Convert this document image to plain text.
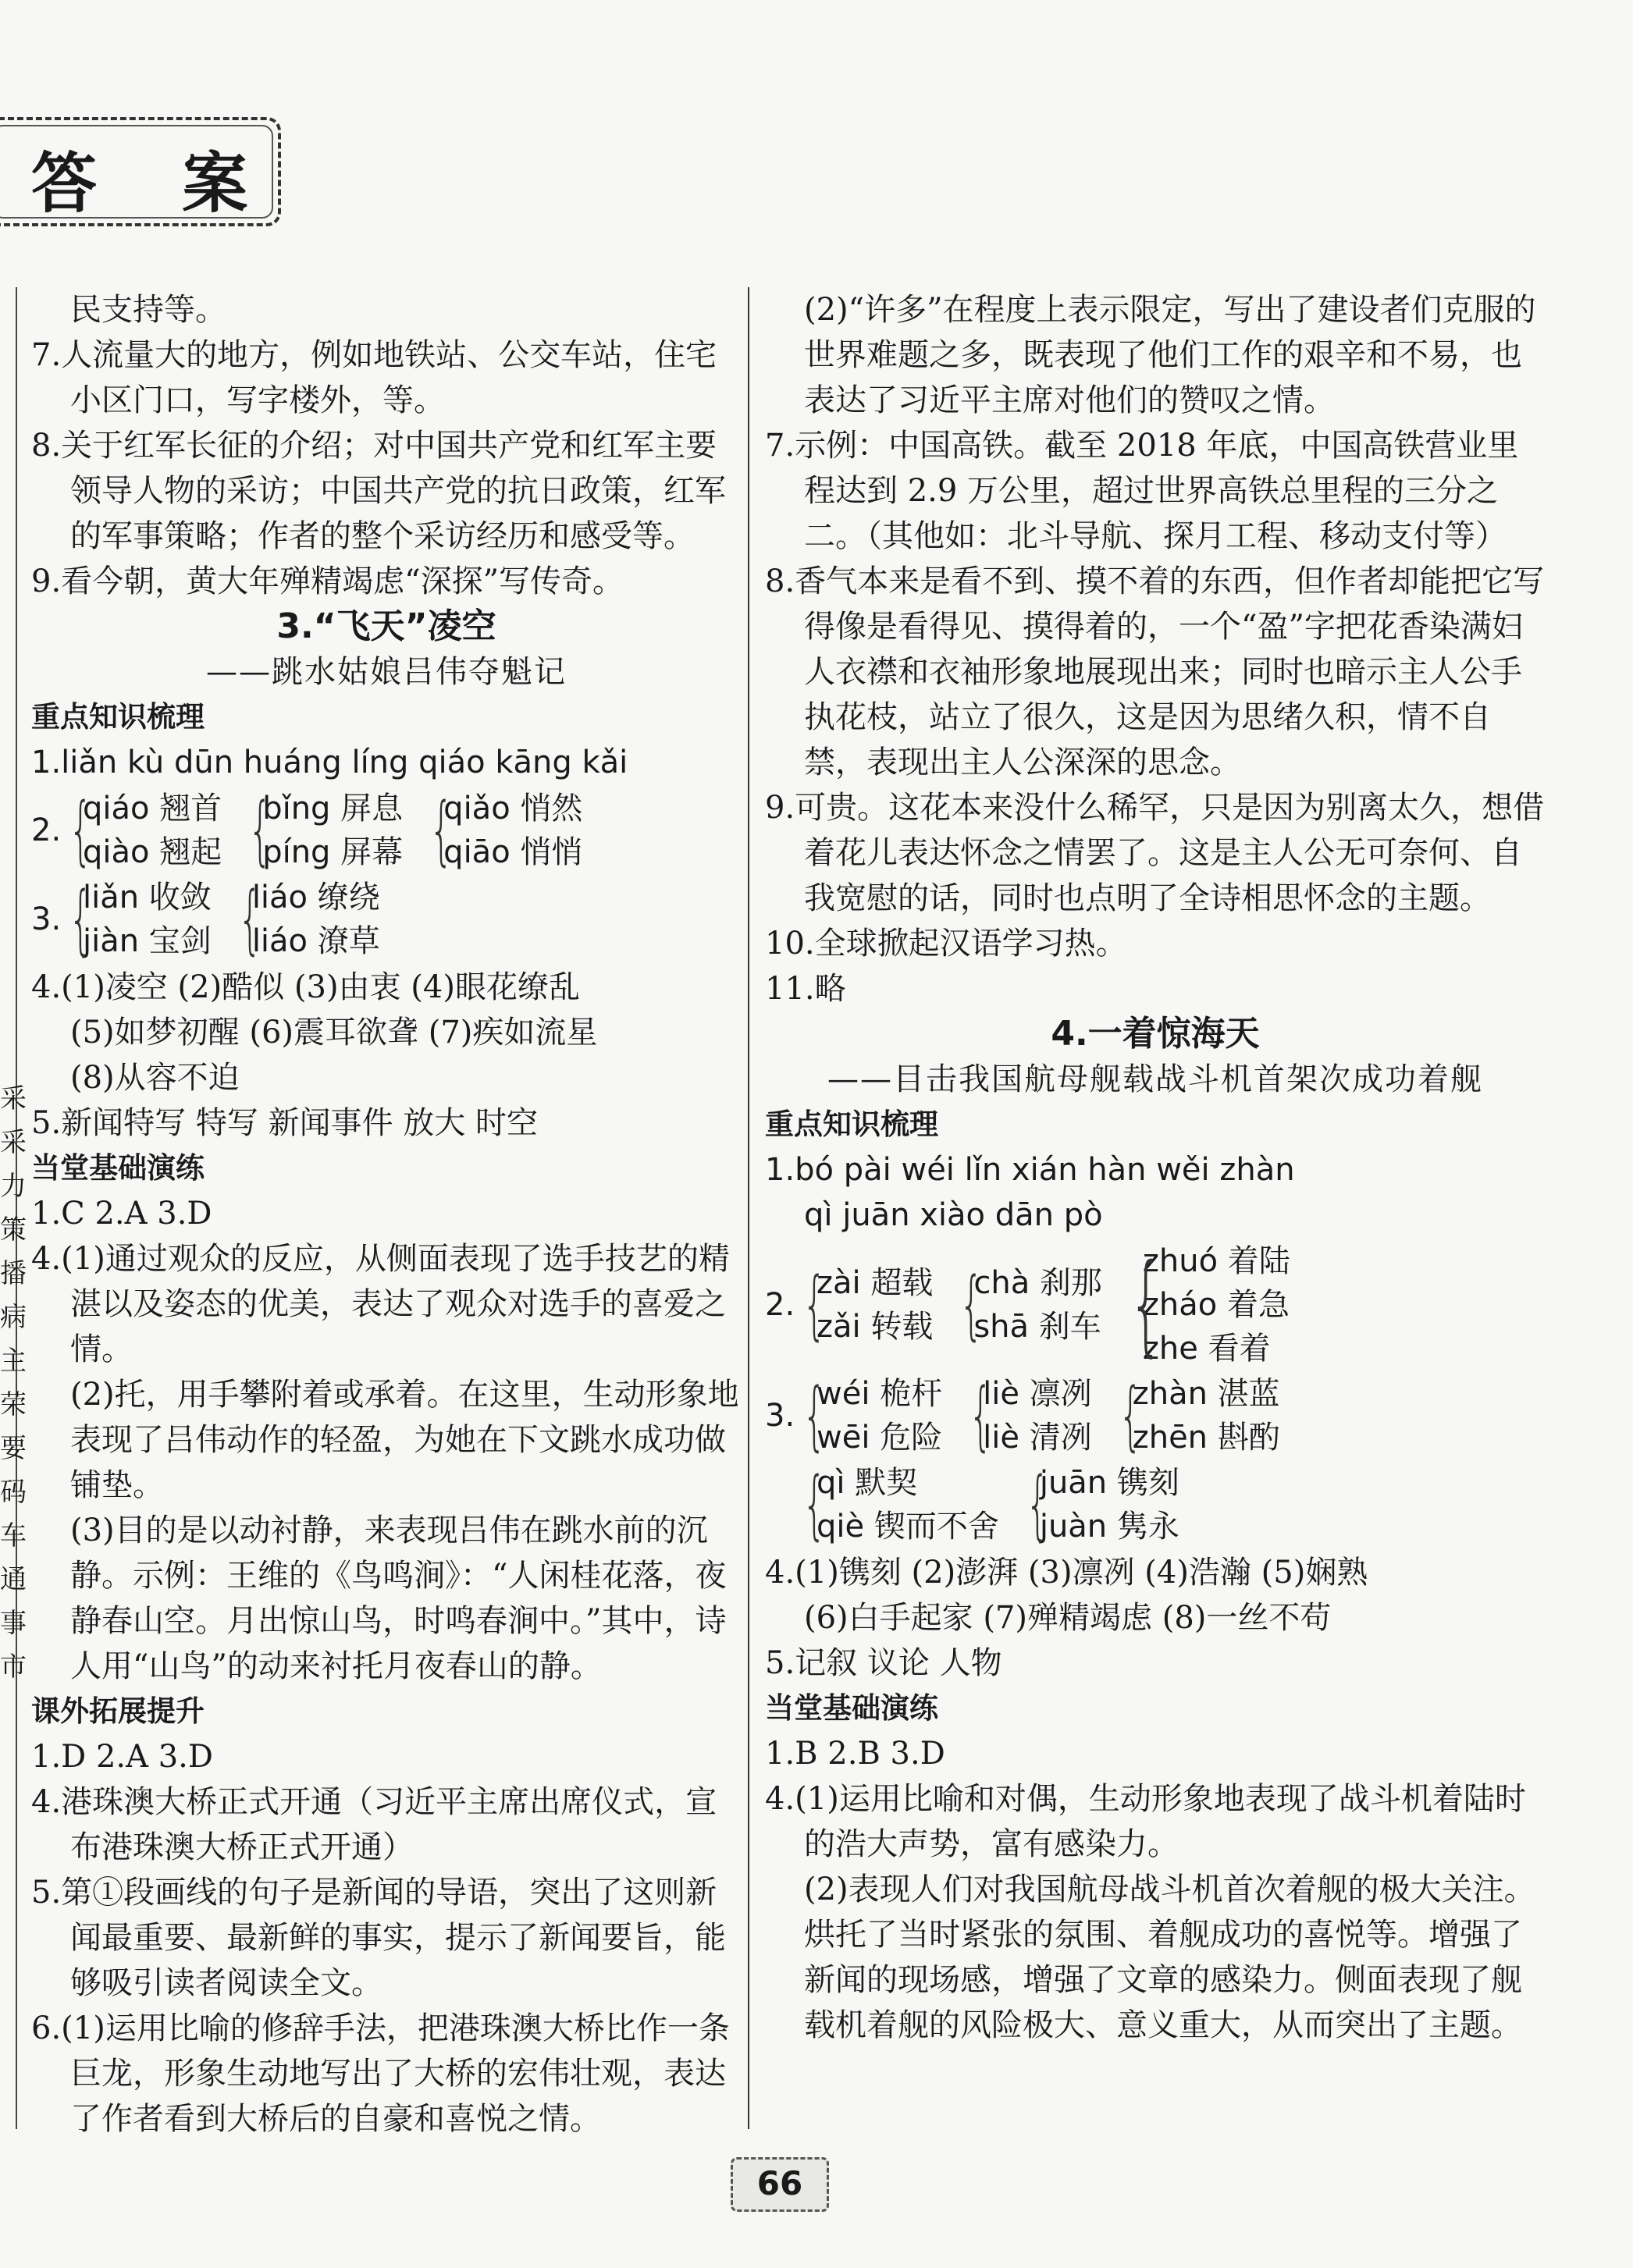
答 案
采
采
力
策
播
病
主
荣
要
码
车
通
事
市
民支持等。
7.人流量大的地方，例如地铁站、公交车站，住宅小区门口，写字楼外，等。
8.关于红军长征的介绍；对中国共产党和红军主要领导人物的采访；中国共产党的抗日政策，红军的军事策略；作者的整个采访经历和感受等。
9.看今朝，黄大年殚精竭虑“深探”写传奇。
3.“飞天”凌空
——跳水姑娘吕伟夺魁记
重点知识梳理
1.liǎn kù dūn huáng líng qiáo kāng kǎi
2. {
qiáo 翘首
qiào 翘起 {
bǐng 屏息
píng 屏幕 {
qiǎo 悄然
qiāo 悄悄
3. {
liǎn 收敛
jiàn 宝剑 {
liáo 缭绕
liáo 潦草
4.(1)凌空 (2)酷似 (3)由衷 (4)眼花缭乱
(5)如梦初醒 (6)震耳欲聋 (7)疾如流星
(8)从容不迫
5.新闻特写 特写 新闻事件 放大 时空
当堂基础演练
1.C 2.A 3.D
4.(1)通过观众的反应，从侧面表现了选手技艺的精湛以及姿态的优美，表达了观众对选手的喜爱之情。
(2)托，用手攀附着或承着。在这里，生动形象地表现了吕伟动作的轻盈，为她在下文跳水成功做铺垫。
(3)目的是以动衬静，来表现吕伟在跳水前的沉静。示例：王维的《鸟鸣涧》：“人闲桂花落，夜静春山空。月出惊山鸟，时鸣春涧中。”其中，诗人用“山鸟”的动来衬托月夜春山的静。
课外拓展提升
1.D 2.A 3.D
4.港珠澳大桥正式开通（习近平主席出席仪式，宣布港珠澳大桥正式开通）
5.第①段画线的句子是新闻的导语，突出了这则新闻最重要、最新鲜的事实，提示了新闻要旨，能够吸引读者阅读全文。
6.(1)运用比喻的修辞手法，把港珠澳大桥比作一条巨龙，形象生动地写出了大桥的宏伟壮观，表达了作者看到大桥后的自豪和喜悦之情。
(2)“许多”在程度上表示限定，写出了建设者们克服的世界难题之多，既表现了他们工作的艰辛和不易，也表达了习近平主席对他们的赞叹之情。
7.示例：中国高铁。截至 2018 年底，中国高铁营业里程达到 2.9 万公里，超过世界高铁总里程的三分之二。（其他如：北斗导航、探月工程、移动支付等）
8.香气本来是看不到、摸不着的东西，但作者却能把它写得像是看得见、摸得着的，一个“盈”字把花香染满妇人衣襟和衣袖形象地展现出来；同时也暗示主人公手执花枝，站立了很久，这是因为思绪久积，情不自禁，表现出主人公深深的思念。
9.可贵。这花本来没什么稀罕，只是因为别离太久，想借着花儿表达怀念之情罢了。这是主人公无可奈何、自我宽慰的话，同时也点明了全诗相思怀念的主题。
10.全球掀起汉语学习热。
11.略
4.一着惊海天
——目击我国航母舰载战斗机首架次成功着舰
重点知识梳理
1.bó pài wéi lǐn xián hàn wěi zhàn
qì juān xiào dān pò
2. {
zài 超载
zǎi 转载 {
chà 刹那
shā 刹车 {
zhuó 着陆
zháo 着急
zhe 看着
3. {
wéi 桅杆
wēi 危险 {
liè 凛冽
liè 清冽 {
zhàn 湛蓝
zhēn 斟酌
{
qì 默契
qiè 锲而不舍 {
juān 镌刻
juàn 隽永
4.(1)镌刻 (2)澎湃 (3)凛冽 (4)浩瀚 (5)娴熟
(6)白手起家 (7)殚精竭虑 (8)一丝不苟
5.记叙 议论 人物
当堂基础演练
1.B 2.B 3.D
4.(1)运用比喻和对偶，生动形象地表现了战斗机着陆时的浩大声势，富有感染力。
(2)表现人们对我国航母战斗机首次着舰的极大关注。烘托了当时紧张的氛围、着舰成功的喜悦等。增强了新闻的现场感，增强了文章的感染力。侧面表现了舰载机着舰的风险极大、意义重大，从而突出了主题。
66
